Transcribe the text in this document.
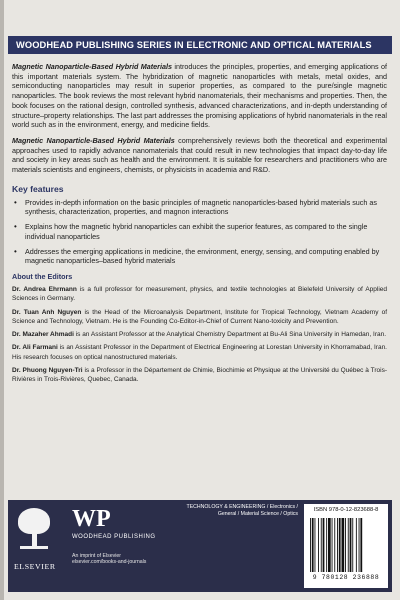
WOODHEAD PUBLISHING SERIES IN ELECTRONIC AND OPTICAL MATERIALS

Magnetic Nanoparticle-Based Hybrid Materials introduces the principles, properties, and emerging applications of this important materials system. The hybridization of magnetic nanoparticles with metals, metal oxides, and semiconducting nanoparticles may result in superior properties, as compared to the pure/single magnetic nanoparticles. The book reviews the most relevant hybrid nanomaterials, their mechanisms and properties. Then, the book focuses on the rational design, controlled synthesis, advanced characterizations, and in-depth understanding of structure–property relationships. The last part addresses the promising applications of hybrid nanomaterials in the real world such as in the environment, energy, and medicine fields.

Magnetic Nanoparticle-Based Hybrid Materials comprehensively reviews both the theoretical and experimental approaches used to rapidly advance nanomaterials that could result in new technologies that impact day-to-day life and society in key areas such as health and the environment. It is suitable for researchers and practitioners who are materials scientists and engineers, chemists, or physicists in academia and R&D.

Key features
• Provides in-depth information on the basic principles of magnetic nanoparticles-based hybrid materials such as synthesis, characterization, properties, and magnon interactions
• Explains how the magnetic hybrid nanoparticles can exhibit the superior features, as compared to the single individual nanoparticles
• Addresses the emerging applications in medicine, the environment, energy, sensing, and computing enabled by magnetic nanoparticles–based hybrid materials
About the Editors

Dr. Andrea Ehrmann is a full professor for measurement, physics, and textile technologies at Bielefeld University of Applied Sciences in Germany.

Dr. Tuan Anh Nguyen is the Head of the Microanalysis Department, Institute for Tropical Technology, Vietnam Academy of Science and Technology, Vietnam. He is the Founding Co-Editor-in-Chief of Current Nano-toxicity and Prevention.

Dr. Mazaher Ahmadi is an Assistant Professor at the Analytical Chemistry Department at Bu-Ali Sina University in Hamedan, Iran.

Dr. Ali Farmani is an Assistant Professor in the Department of Electrical Engineering at Lorestan University in Khorramabad, Iran. His research focuses on optical nanostructured materials.

Dr. Phuong Nguyen-Tri is a Professor in the Département de Chimie, Biochimie et Physique at the Université du Québec à Trois-Rivières in Trois-Rivières, Quebec, Canada.

ELSEVIER
WP
WOODHEAD PUBLISHING
An imprint of Elsevier
elsevier.com/books-and-journals
TECHNOLOGY & ENGINEERING / Electronics / General / Material Science / Optics
ISBN 978-0-12-823688-8
9 780128 236888
